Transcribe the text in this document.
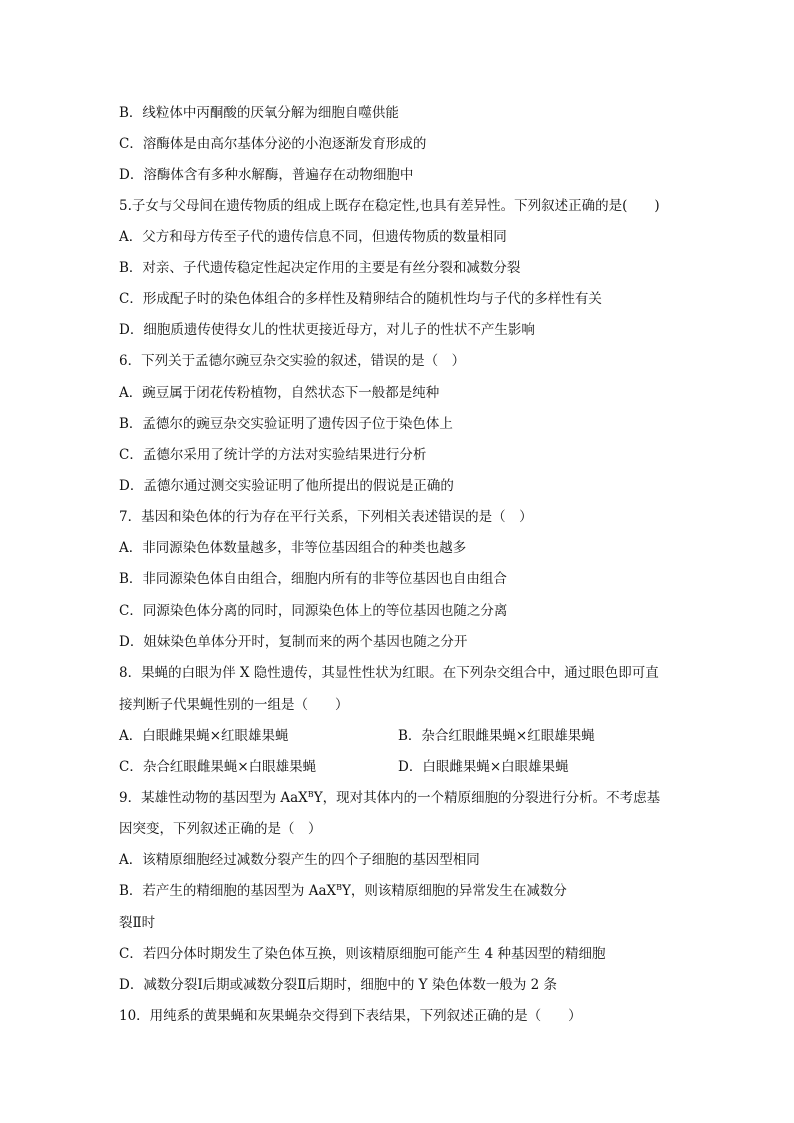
B．线粒体中丙酮酸的厌氧分解为细胞自噬供能
C．溶酶体是由高尔基体分泌的小泡逐渐发育形成的
D．溶酶体含有多种水解酶，普遍存在动物细胞中
5.子女与父母间在遗传物质的组成上既存在稳定性,也具有差异性。下列叙述正确的是(　　)
A．父方和母方传至子代的遗传信息不同，但遗传物质的数量相同
B．对亲、子代遗传稳定性起决定作用的主要是有丝分裂和减数分裂
C．形成配子时的染色体组合的多样性及精卵结合的随机性均与子代的多样性有关
D．细胞质遗传使得女儿的性状更接近母方，对儿子的性状不产生影响
6．下列关于孟德尔豌豆杂交实验的叙述，错误的是（　）
A．豌豆属于闭花传粉植物，自然状态下一般都是纯种
B．孟德尔的豌豆杂交实验证明了遗传因子位于染色体上
C．孟德尔采用了统计学的方法对实验结果进行分析
D．孟德尔通过测交实验证明了他所提出的假说是正确的
7．基因和染色体的行为存在平行关系，下列相关表述错误的是（　）
A．非同源染色体数量越多，非等位基因组合的种类也越多
B．非同源染色体自由组合，细胞内所有的非等位基因也自由组合
C．同源染色体分离的同时，同源染色体上的等位基因也随之分离
D．姐妹染色单体分开时，复制而来的两个基因也随之分开
8．果蝇的白眼为伴 X 隐性遗传，其显性性状为红眼。在下列杂交组合中，通过眼色即可直
接判断子代果蝇性别的一组是（　　）
A．白眼雌果蝇×红眼雄果蝇	B．杂合红眼雌果蝇×红眼雄果蝇
C．杂合红眼雌果蝇×白眼雄果蝇	D．白眼雌果蝇×白眼雄果蝇
9．某雄性动物的基因型为 AaX$^B$Y，现对其体内的一个精原细胞的分裂进行分析。不考虑基
因突变，下列叙述正确的是（　）
A．该精原细胞经过减数分裂产生的四个子细胞的基因型相同
B．若产生的精细胞的基因型为 AaX$^B$Y，则该精原细胞的异常发生在减数分
裂Ⅱ时
C．若四分体时期发生了染色体互换，则该精原细胞可能产生 4 种基因型的精细胞
D．减数分裂Ⅰ后期或减数分裂Ⅱ后期时，细胞中的 Y 染色体数一般为 2 条
10．用纯系的黄果蝇和灰果蝇杂交得到下表结果，下列叙述正确的是（　　）
